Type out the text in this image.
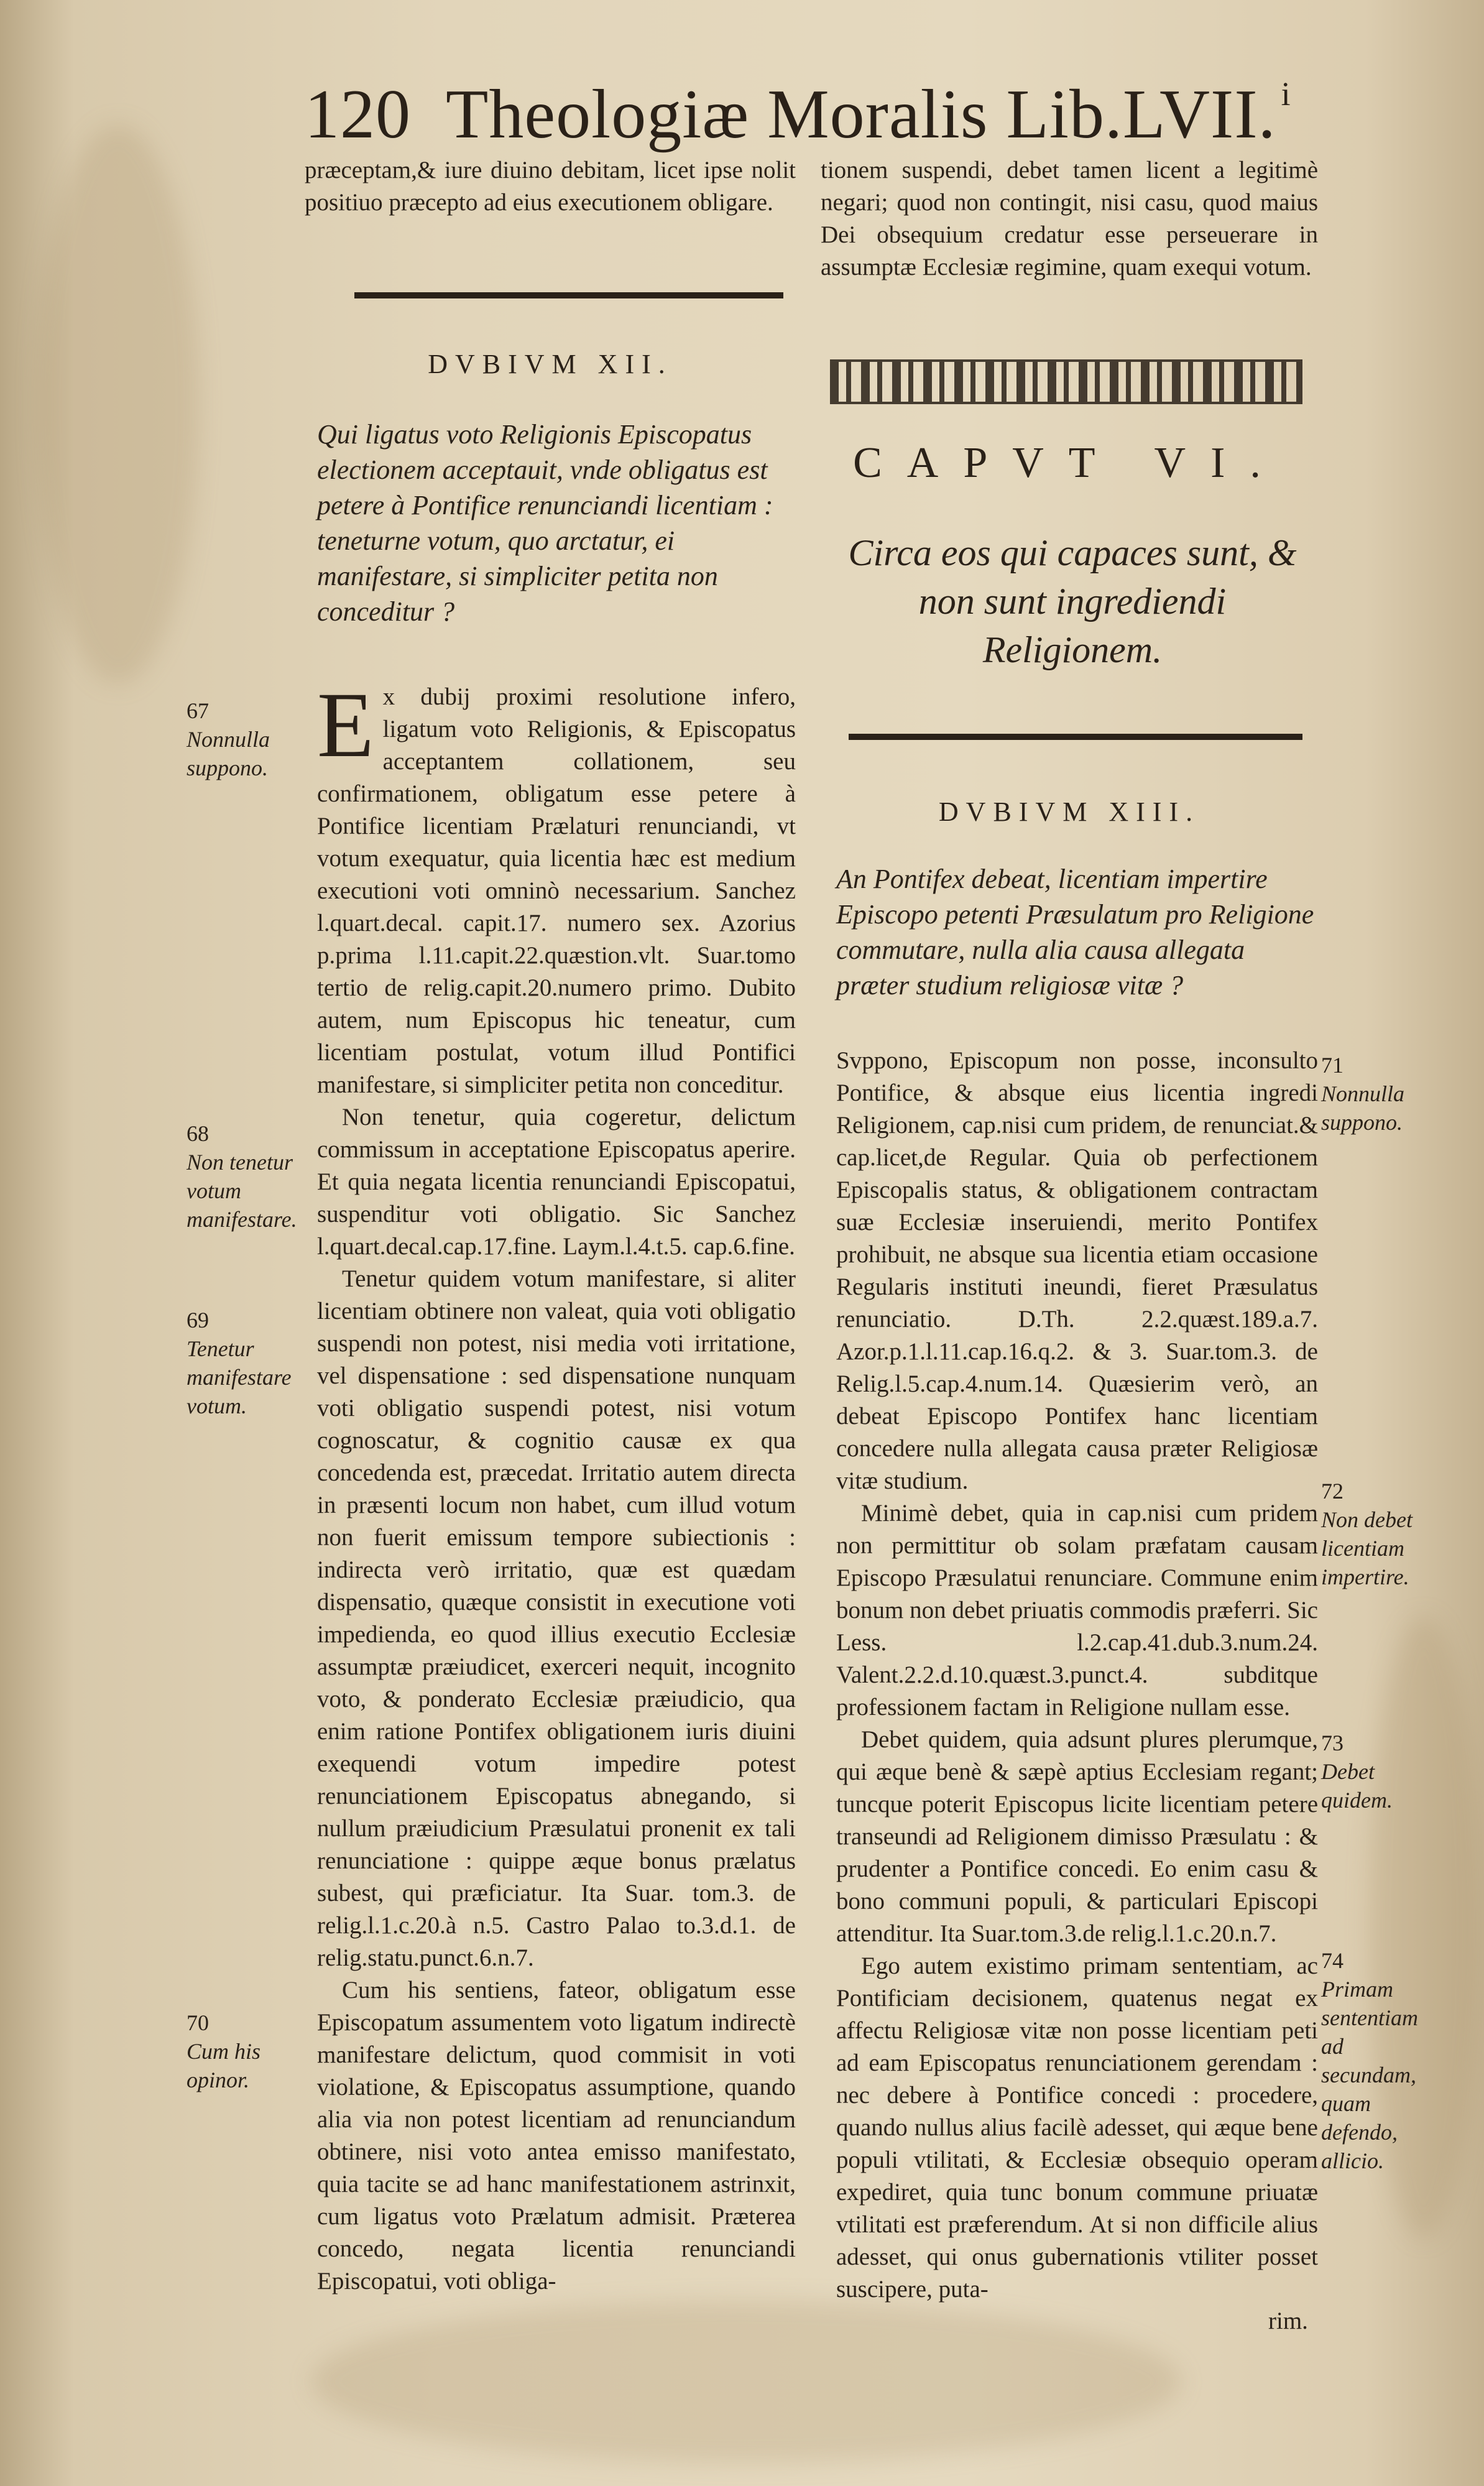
120 Theologiæ Moralis Lib.LVII. $^i$

præceptam,& iure diuino debitam, licet ipse nolit positiuo præcepto ad eius executionem obligare.

DVBIVM XII.
Qui ligatus voto Religionis Episcopatus electionem acceptauit, vnde obligatus est petere à Pontifice renunciandi licentiam : teneturne votum, quo arctatur, ei manifestare, si simpliciter petita non conceditur ?

Ex dubij proximi resolutione infero, ligatum voto Religionis, & Episcopatus acceptantem collationem, seu confirmationem, obligatum esse petere à Pontifice licentiam Prælaturi renunciandi, vt votum exequatur, quia licentia hæc est medium executioni voti omninò necessarium. Sanchez l.quart.decal. capit.17. numero sex. Azorius p.prima l.11.capit.22.quæstion.vlt. Suar.tomo tertio de relig.capit.20.numero primo. Dubito autem, num Episcopus hic teneatur, cum licentiam postulat, votum illud Pontifici manifestare, si simpliciter petita non conceditur.

Non tenetur, quia cogeretur, delictum commissum in acceptatione Episcopatus aperire. Et quia negata licentia renunciandi Episcopatui, suspenditur voti obligatio. Sic Sanchez l.quart.decal.cap.17.fine. Laym.l.4.t.5. cap.6.fine.

Tenetur quidem votum manifestare, si aliter licentiam obtinere non valeat, quia voti obligatio suspendi non potest, nisi media voti irritatione, vel dispensatione : sed dispensatione nunquam voti obligatio suspendi potest, nisi votum cognoscatur, & cognitio causæ ex qua concedenda est, præcedat. Irritatio autem directa in præsenti locum non habet, cum illud votum non fuerit emissum tempore subiectionis : indirecta verò irritatio, quæ est quædam dispensatio, quæque consistit in executione voti impedienda, eo quod illius executio Ecclesiæ assumptæ præiudicet, exerceri nequit, incognito voto, & ponderato Ecclesiæ præiudicio, qua enim ratione Pontifex obligationem iuris diuini exequendi votum impedire potest renunciationem Episcopatus abnegando, si nullum præiudicium Præsulatui pronenit ex tali renunciatione : quippe æque bonus prælatus subest, qui præficiatur. Ita Suar. tom.3. de relig.l.1.c.20.à n.5. Castro Palao to.3.d.1. de relig.statu.punct.6.n.7.

Cum his sentiens, fateor, obligatum esse Episcopatum assumentem voto ligatum indirectè manifestare delictum, quod commisit in voti violatione, & Episcopatus assumptione, quando alia via non potest licentiam ad renunciandum obtinere, nisi voto antea emisso manifestato, quia tacite se ad hanc manifestationem astrinxit, cum ligatus voto Prælatum admisit. Præterea concedo, negata licentia renunciandi Episcopatui, voti obliga-

67
Nonnulla suppono.
68
Non tenetur votum manifestare.
69
Tenetur manifestare votum.
70
Cum his opinor.

tionem suspendi, debet tamen licent a legitimè negari; quod non contingit, nisi casu, quod maius Dei obsequium credatur esse perseuerare in assumptæ Ecclesiæ regimine, quam exequi votum.

CAPVT VI.
Circa eos qui capaces sunt, & non sunt ingrediendi Religionem.
DVBIVM XIII.
An Pontifex debeat, licentiam impertire Episcopo petenti Præsulatum pro Religione commutare, nulla alia causa allegata præter studium religiosæ vitæ ?

Svppono, Episcopum non posse, inconsulto Pontifice, & absque eius licentia ingredi Religionem, cap.nisi cum pridem, de renunciat.& cap.licet,de Regular. Quia ob perfectionem Episcopalis status, & obligationem contractam suæ Ecclesiæ inseruiendi, merito Pontifex prohibuit, ne absque sua licentia etiam occasione Regularis instituti ineundi, fieret Præsulatus renunciatio. D.Th. 2.2.quæst.189.a.7. Azor.p.1.l.11.cap.16.q.2. & 3. Suar.tom.3. de Relig.l.5.cap.4.num.14. Quæsierim verò, an debeat Episcopo Pontifex hanc licentiam concedere nulla allegata causa præter Religiosæ vitæ studium.

Minimè debet, quia in cap.nisi cum pridem non permittitur ob solam præfatam causam Episcopo Præsulatui renunciare. Commune enim bonum non debet priuatis commodis præferri. Sic Less. l.2.cap.41.dub.3.num.24. Valent.2.2.d.10.quæst.3.punct.4. subditque professionem factam in Religione nullam esse.

Debet quidem, quia adsunt plures plerumque, qui æque benè & sæpè aptius Ecclesiam regant; tuncque poterit Episcopus licite licentiam petere transeundi ad Religionem dimisso Præsulatu : & prudenter a Pontifice concedi. Eo enim casu & bono communi populi, & particulari Episcopi attenditur. Ita Suar.tom.3.de relig.l.1.c.20.n.7.

Ego autem existimo primam sententiam, ac Pontificiam decisionem, quatenus negat ex affectu Religiosæ vitæ non posse licentiam peti ad eam Episcopatus renunciationem gerendam : nec debere à Pontifice concedi : procedere, quando nullus alius facilè adesset, qui æque bene populi vtilitati, & Ecclesiæ obsequio operam expediret, quia tunc bonum commune priuatæ vtilitati est præferendum. At si non difficile alius adesset, qui onus gubernationis vtiliter posset suscipere, puta-

71
Nonnulla suppono.
72
Non debet licentiam impertire.
73
Debet quidem.
74
Primam sententiam ad secundam, quam defendo, allicio.
rim.
